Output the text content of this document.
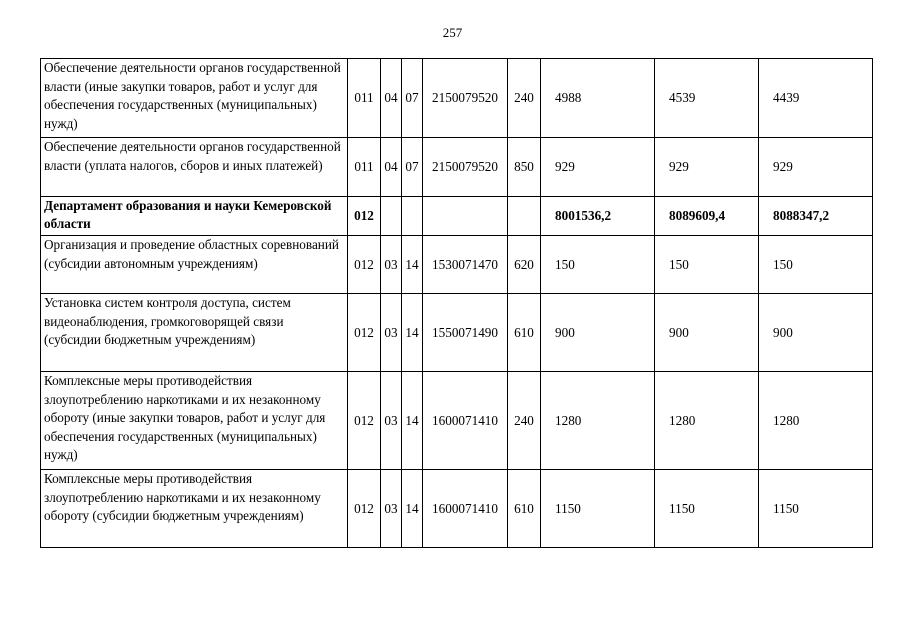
257
Обеспечение деятельности органов государственной власти (иные закупки товаров, работ и услуг для обеспечения государственных (муниципальных) нужд)	011	04	07	2150079520	240	4988	4539	4439
Обеспечение деятельности органов государственной власти (уплата налогов, сборов и иных платежей)	011	04	07	2150079520	850	929	929	929
Департамент образования и науки Кемеровской области	012					8001536,2	8089609,4	8088347,2
Организация и проведение областных соревнований (субсидии автономным учреждениям)	012	03	14	1530071470	620	150	150	150
Установка систем контроля доступа, систем видеонаблюдения, громкоговорящей связи (субсидии бюджетным учреждениям)	012	03	14	1550071490	610	900	900	900
Комплексные меры противодействия злоупотреблению наркотиками и их незаконному обороту (иные закупки товаров, работ и услуг для обеспечения государственных (муниципальных) нужд)	012	03	14	1600071410	240	1280	1280	1280
Комплексные меры противодействия злоупотреблению наркотиками и их незаконному обороту (субсидии бюджетным учреждениям)	012	03	14	1600071410	610	1150	1150	1150
